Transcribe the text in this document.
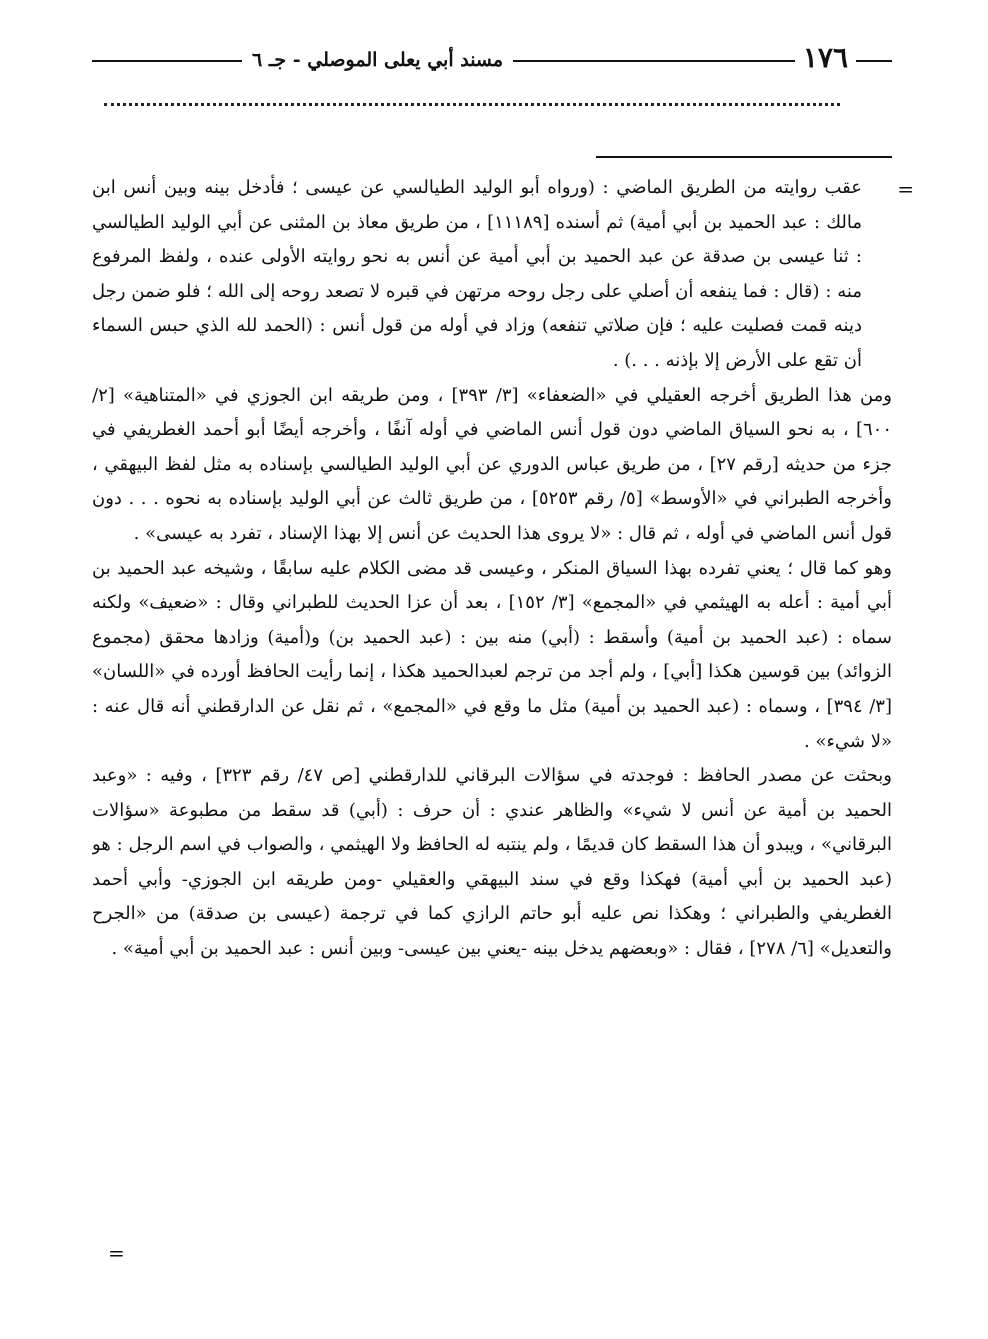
١٧٦
مسند أبي يعلى الموصلي - جـ ٦
=

عقب روايته من الطريق الماضي : (ورواه أبو الوليد الطيالسي عن عيسى ؛ فأدخل بينه وبين أنس ابن مالك : عبد الحميد بن أبي أمية) ثم أسنده [١١١٨٩] ، من طريق معاذ بن المثنى عن أبي الوليد الطيالسي : ثنا عيسى بن صدقة عن عبد الحميد بن أبي أمية عن أنس به نحو روايته الأولى عنده ، ولفظ المرفوع منه : (قال : فما ينفعه أن أصلي على رجل روحه مرتهن في قبره لا تصعد روحه إلى الله ؛ فلو ضمن رجل دينه قمت فصليت عليه ؛ فإن صلاتي تنفعه) وزاد في أوله من قول أنس : (الحمد لله الذي حبس السماء أن تقع على الأرض إلا بإذنه . . .) .

ومن هذا الطريق أخرجه العقيلي في «الضعفاء» [٣/ ٣٩٣] ، ومن طريقه ابن الجوزي في «المتناهية» [٢/ ٦٠٠] ، به نحو السياق الماضي دون قول أنس الماضي في أوله آنفًا ، وأخرجه أيضًا أبو أحمد الغطريفي في جزء من حديثه [رقم ٢٧] ، من طريق عباس الدوري عن أبي الوليد الطيالسي بإسناده به مثل لفظ البيهقي ، وأخرجه الطبراني في «الأوسط» [٥/ رقم ٥٢٥٣] ، من طريق ثالث عن أبي الوليد بإسناده به نحوه . . . دون قول أنس الماضي في أوله ، ثم قال : «لا يروى هذا الحديث عن أنس إلا بهذا الإسناد ، تفرد به عيسى» .

وهو كما قال ؛ يعني تفرده بهذا السياق المنكر ، وعيسى قد مضى الكلام عليه سابقًا ، وشيخه عبد الحميد بن أبي أمية : أعله به الهيثمي في «المجمع» [٣/ ١٥٢] ، بعد أن عزا الحديث للطبراني وقال : «ضعيف» ولكنه سماه : (عبد الحميد بن أمية) وأسقط : (أبي) منه بين : (عبد الحميد بن) و(أمية) وزادها محقق (مجموع الزوائد) بين قوسين هكذا [أبي] ، ولم أجد من ترجم لعبدالحميد هكذا ، إنما رأيت الحافظ أورده في «اللسان» [٣/ ٣٩٤] ، وسماه : (عبد الحميد بن أمية) مثل ما وقع في «المجمع» ، ثم نقل عن الدارقطني أنه قال عنه : «لا شيء» .

وبحثت عن مصدر الحافظ : فوجدته في سؤالات البرقاني للدارقطني [ص ٤٧/ رقم ٣٢٣] ، وفيه : «وعبد الحميد بن أمية عن أنس لا شيء» والظاهر عندي : أن حرف : (أبي) قد سقط من مطبوعة «سؤالات البرقاني» ، ويبدو أن هذا السقط كان قديمًا ، ولم ينتبه له الحافظ ولا الهيثمي ، والصواب في اسم الرجل : هو (عبد الحميد بن أبي أمية) فهكذا وقع في سند البيهقي والعقيلي -ومن طريقه ابن الجوزي- وأبي أحمد الغطريفي والطبراني ؛ وهكذا نص عليه أبو حاتم الرازي كما في ترجمة (عيسى بن صدقة) من «الجرح والتعديل» [٦/ ٢٧٨] ، فقال : «وبعضهم يدخل بينه -يعني بين عيسى- وبين أنس : عبد الحميد بن أبي أمية» .

=
